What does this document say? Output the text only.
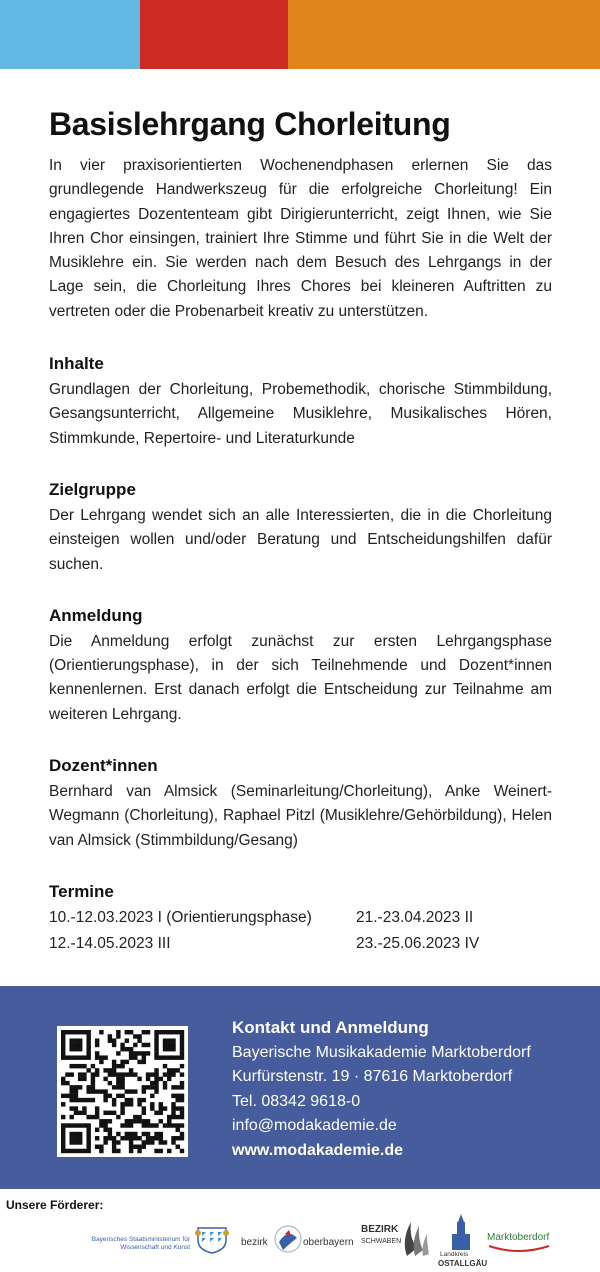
Basislehrgang Chorleitung

In vier praxisorientierten Wochenendphasen erlernen Sie das grundlegende Handwerkszeug für die erfolgreiche Chorleitung! Ein engagiertes Dozententeam gibt Dirigierunterricht, zeigt Ihnen, wie Sie Ihren Chor einsingen, trainiert Ihre Stimme und führt Sie in die Welt der Musiklehre ein. Sie werden nach dem Besuch des Lehrgangs in der Lage sein, die Chorleitung Ihres Chores bei kleineren Auftritten zu vertreten oder die Probenarbeit kreativ zu unterstützen.

Inhalte

Grundlagen der Chorleitung, Probemethodik, chorische Stimmbildung, Gesangsunterricht, Allgemeine Musiklehre, Musikalisches Hören, Stimmkunde, Repertoire- und Literaturkunde

Zielgruppe

Der Lehrgang wendet sich an alle Interessierten, die in die Chorleitung einsteigen wollen und/oder Beratung und Entscheidungshilfen dafür suchen.

Anmeldung

Die Anmeldung erfolgt zunächst zur ersten Lehrgangsphase (Orientierungsphase), in der sich Teilnehmende und Dozent*innen kennenlernen. Erst danach erfolgt die Entscheidung zur Teilnahme am weiteren Lehrgang.

Dozent*innen

Bernhard van Almsick (Seminarleitung/Chorleitung), Anke Weinert-Wegmann (Chorleitung), Raphael Pitzl (Musiklehre/Gehörbildung), Helen van Almsick (Stimmbildung/Gesang)

Termine
10.-12.03.2023 I (Orientierungsphase)	21.-23.04.2023 II
12.-14.05.2023 III	23.-25.06.2023 IV
Kontakt und Anmeldung
Bayerische Musikakademie Marktoberdorf
Kurfürstenstr. 19 · 87616 Marktoberdorf
Tel. 08342 9618-0
info@modakademie.de
www.modakademie.de
Unsere Förderer:
Bayerisches Staatsministerium für
Wissenschaft und Kunst	bezirk	oberbayern
BEZIRK
SCHWABEN
Landkreis
OSTALLGÄU
Marktoberdorf
